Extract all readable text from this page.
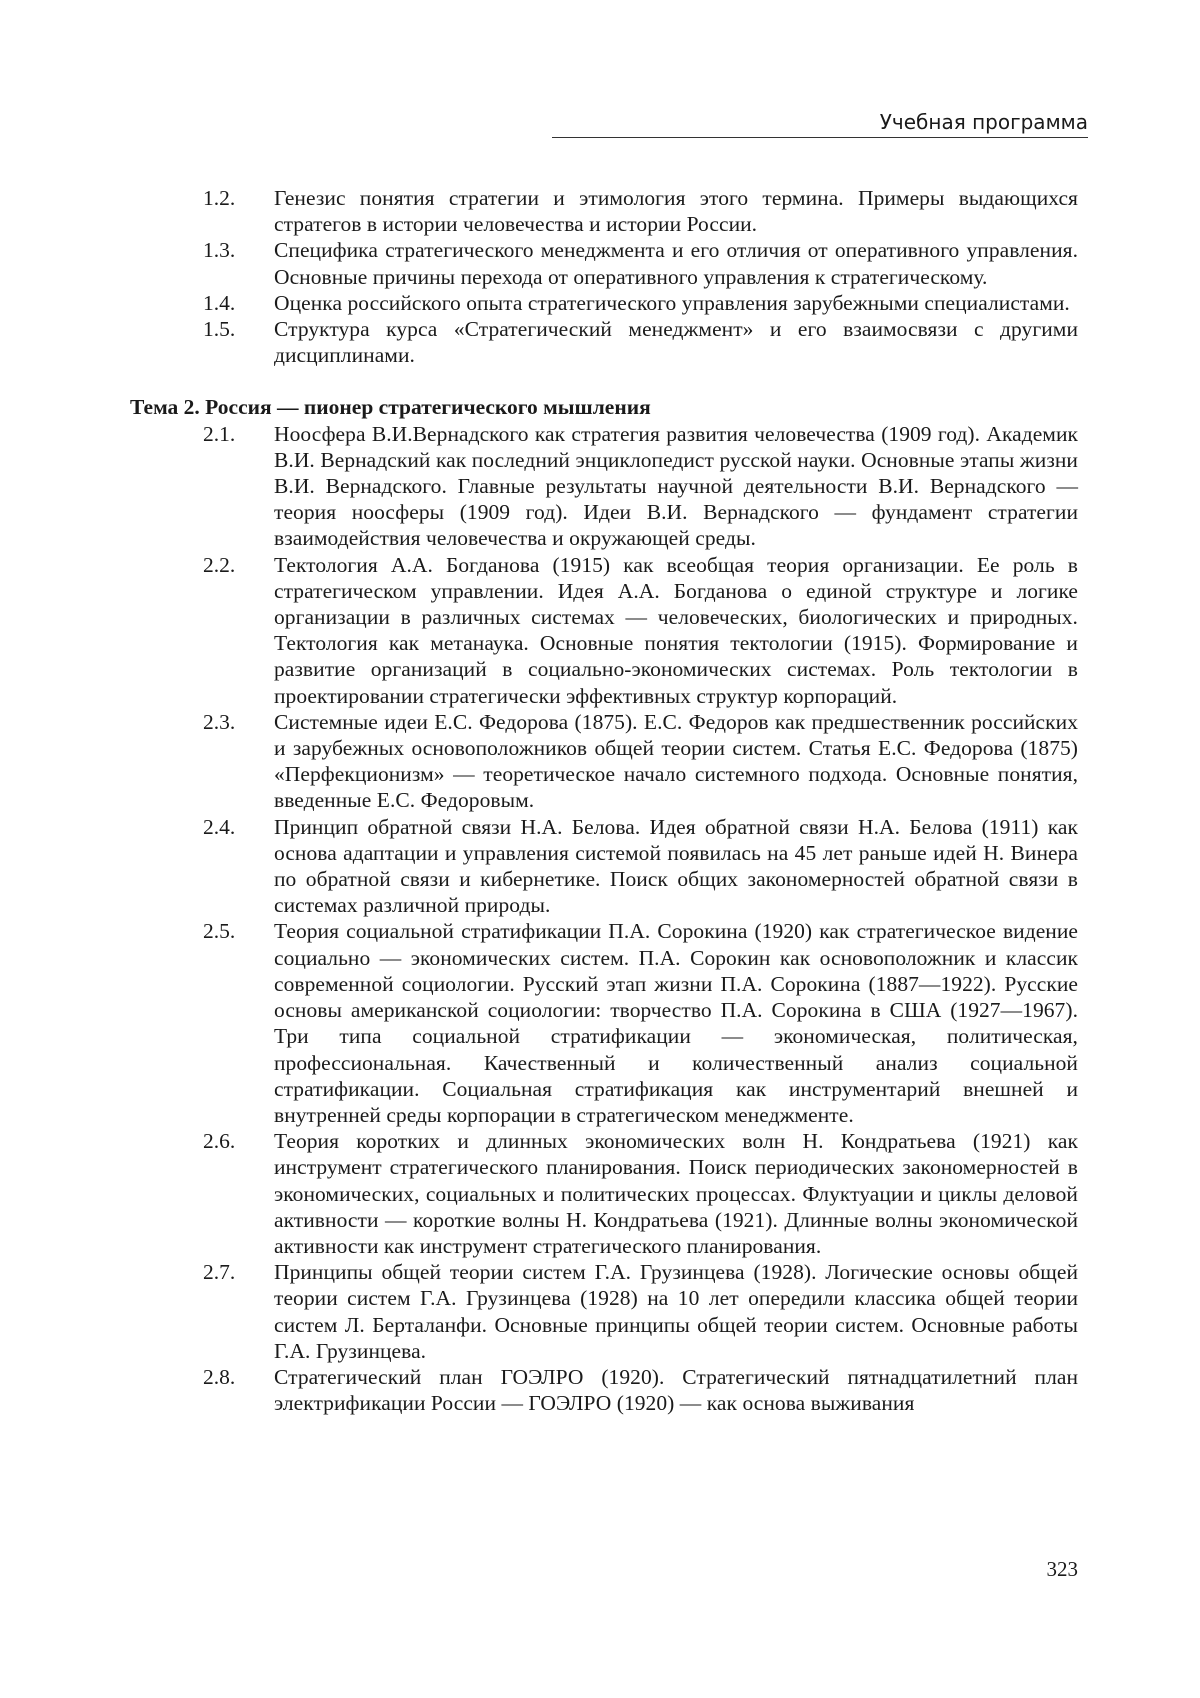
Учебная программа
1.2.	Генезис понятия стратегии и этимология этого термина. Примеры выдающихся стратегов в истории человечества и истории России.
1.3.	Специфика стратегического менеджмента и его отличия от оперативного управления. Основные причины перехода от оперативного управления к стратегическому.
1.4.	Оценка российского опыта стратегического управления зарубежными специалистами.
1.5.	Структура курса «Стратегический менеджмент» и его взаимосвязи с другими дисциплинами.
Тема 2. Россия — пионер стратегического мышления
2.1.	Ноосфера В.И.Вернадского как стратегия развития человечества (1909 год). Академик В.И. Вернадский как последний энциклопедист русской науки. Основные этапы жизни В.И. Вернадского. Главные результаты научной деятельности В.И. Вернадского — теория ноосферы (1909 год). Идеи В.И. Вернадского — фундамент стратегии взаимодействия человечества и окружающей среды.
2.2.	Тектология А.А. Богданова (1915) как всеобщая теория организации. Ее роль в стратегическом управлении. Идея А.А. Богданова о единой структуре и логике организации в различных системах — человеческих, биологических и природных. Тектология как метанаука. Основные понятия тектологии (1915). Формирование и развитие организаций в социально-экономических системах. Роль тектологии в проектировании стратегически эффективных структур корпораций.
2.3.	Системные идеи Е.С. Федорова (1875). Е.С. Федоров как предшественник российских и зарубежных основоположников общей теории систем. Статья Е.С. Федорова (1875) «Перфекционизм» — теоретическое начало системного подхода. Основные понятия, введенные Е.С. Федоровым.
2.4.	Принцип обратной связи Н.А. Белова. Идея обратной связи Н.А. Белова (1911) как основа адаптации и управления системой появилась на 45 лет раньше идей Н. Винера по обратной связи и кибернетике. Поиск общих закономерностей обратной связи в системах различной природы.
2.5.	Теория социальной стратификации П.А. Сорокина (1920) как стратегическое видение социально — экономических систем. П.А. Сорокин как основоположник и классик современной социологии. Русский этап жизни П.А. Сорокина (1887—1922). Русские основы американской социологии: творчество П.А. Сорокина в США (1927—1967). Три типа социальной стратификации — экономическая, политическая, профессиональная. Качественный и количественный анализ социальной стратификации. Социальная стратификация как инструментарий внешней и внутренней среды корпорации в стратегическом менеджменте.
2.6.	Теория коротких и длинных экономических волн Н. Кондратьева (1921) как инструмент стратегического планирования. Поиск периодических закономерностей в экономических, социальных и политических процессах. Флуктуации и циклы деловой активности — короткие волны Н. Кондратьева (1921). Длинные волны экономической активности как инструмент стратегического планирования.
2.7.	Принципы общей теории систем Г.А. Грузинцева (1928). Логические основы общей теории систем Г.А. Грузинцева (1928) на 10 лет опередили классика общей теории систем Л. Берталанфи. Основные принципы общей теории систем. Основные работы Г.А. Грузинцева.
2.8.	Стратегический план ГОЭЛРО (1920). Стратегический пятнадцатилетний план электрификации России — ГОЭЛРО (1920) — как основа выживания
323
